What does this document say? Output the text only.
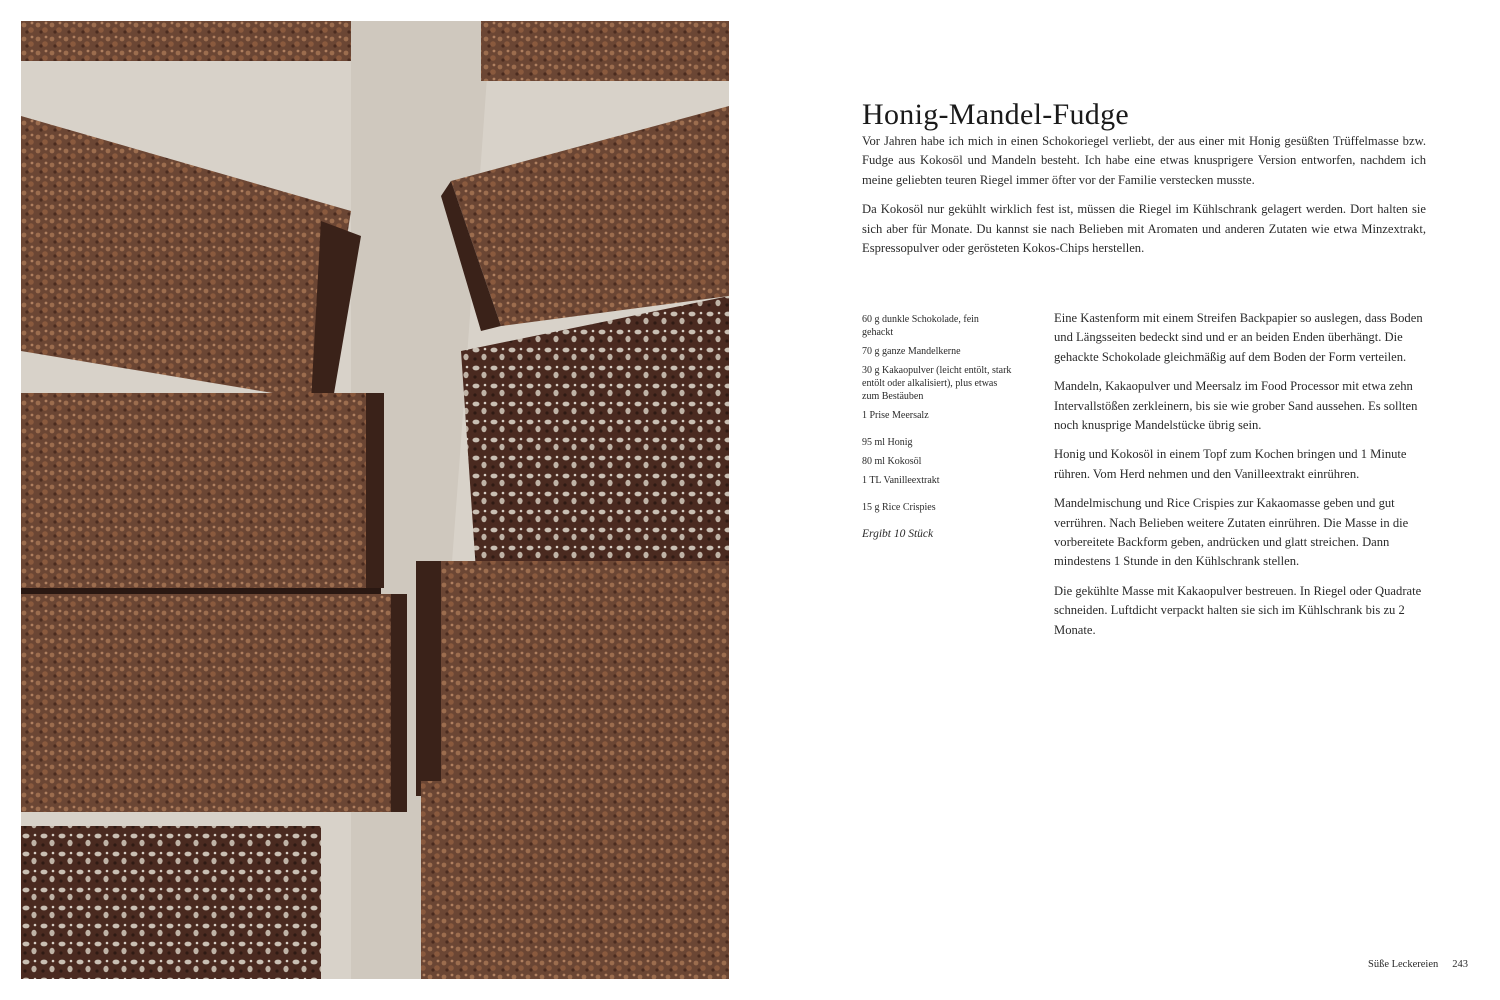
Honig-Mandel-Fudge

Vor Jahren habe ich mich in einen Schokoriegel verliebt, der aus einer mit Honig gesüßten Trüffelmasse bzw. Fudge aus Kokosöl und Mandeln besteht. Ich habe eine etwas knusprigere Version entworfen, nachdem ich meine geliebten teuren Riegel immer öfter vor der Familie verstecken musste.

Da Kokosöl nur gekühlt wirklich fest ist, müssen die Riegel im Kühlschrank gelagert werden. Dort halten sie sich aber für Monate. Du kannst sie nach Belieben mit Aromaten und anderen Zutaten wie etwa Minzextrakt, Espressopulver oder gerösteten Kokos-Chips herstellen.

60 g dunkle Schokolade, fein gehackt

70 g ganze Mandelkerne

30 g Kakaopulver (leicht entölt, stark entölt oder alkalisiert), plus etwas zum Bestäuben

1 Prise Meersalz

95 ml Honig

80 ml Kokosöl

1 TL Vanilleextrakt

15 g Rice Crispies

Ergibt 10 Stück

Eine Kastenform mit einem Streifen Backpapier so auslegen, dass Boden und Längsseiten bedeckt sind und er an beiden Enden überhängt. Die gehackte Schokolade gleichmäßig auf dem Boden der Form verteilen.

Mandeln, Kakaopulver und Meersalz im Food Processor mit etwa zehn Intervallstößen zerkleinern, bis sie wie grober Sand aussehen. Es sollten noch knusprige Mandelstücke übrig sein.

Honig und Kokosöl in einem Topf zum Kochen bringen und 1 Minute rühren. Vom Herd nehmen und den Vanilleextrakt einrühren.

Mandelmischung und Rice Crispies zur Kakaomasse geben und gut verrühren. Nach Belieben weitere Zutaten einrühren. Die Masse in die vorbereitete Backform geben, andrücken und glatt streichen. Dann mindestens 1 Stunde in den Kühlschrank stellen.

Die gekühlte Masse mit Kakaopulver bestreuen. In Riegel oder Quadrate schneiden. Luftdicht verpackt halten sie sich im Kühlschrank bis zu 2 Monate.

Süße Leckereien 243
